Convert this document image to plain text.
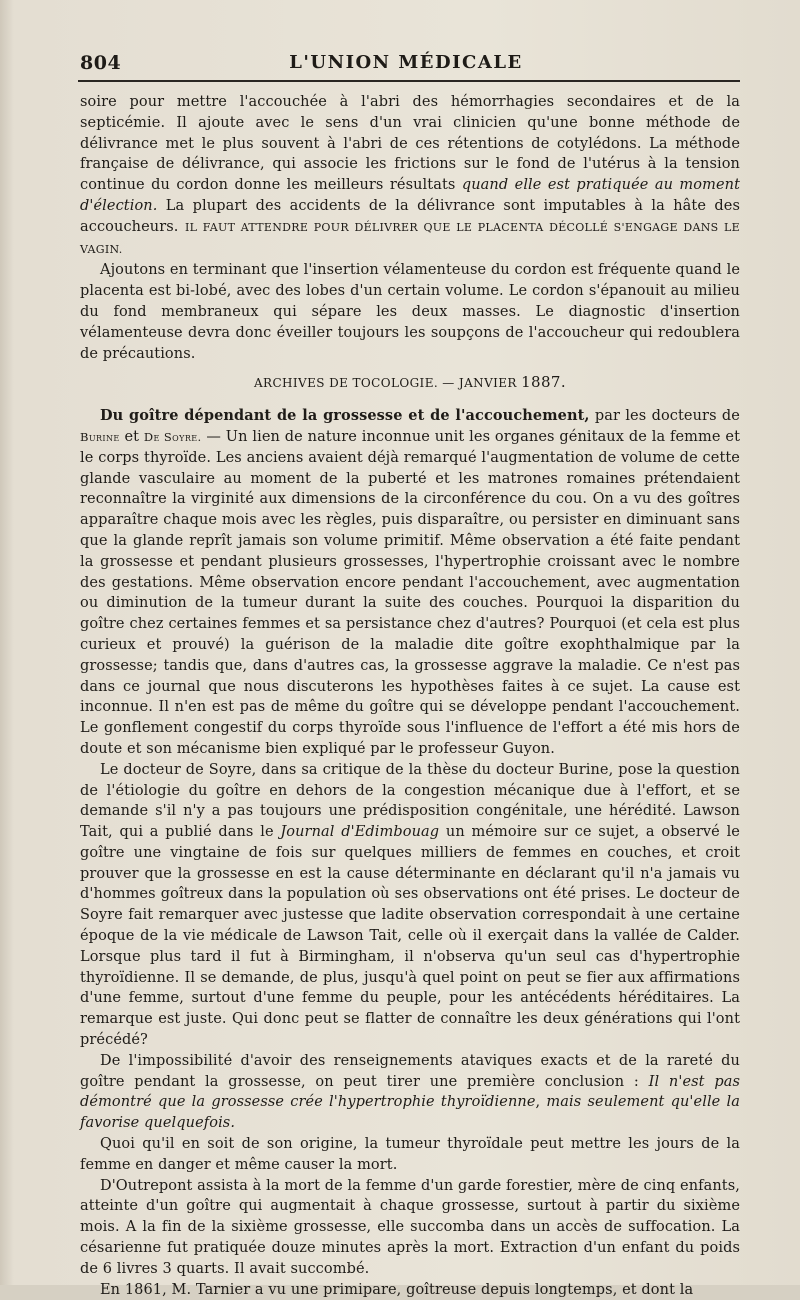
804	L'UNION MÉDICALE

soire pour mettre l'accouchée à l'abri des hémorrhagies secondaires et de la septicémie. Il ajoute avec le sens d'un vrai clinicien qu'une bonne méthode de délivrance met le plus souvent à l'abri de ces rétentions de cotylédons. La méthode française de délivrance, qui associe les frictions sur le fond de l'utérus à la tension continue du cordon donne les meilleurs résultats quand elle est pratiquée au moment d'élection. La plupart des accidents de la délivrance sont imputables à la hâte des accoucheurs. IL FAUT ATTENDRE POUR DÉLIVRER QUE LE PLACENTA DÉCOLLÉ S'ENGAGE DANS LE VAGIN.

Ajoutons en terminant que l'insertion vélamenteuse du cordon est fréquente quand le placenta est bi-lobé, avec des lobes d'un certain volume. Le cordon s'épanouit au milieu du fond membraneux qui sépare les deux masses. Le diagnostic d'insertion vélamenteuse devra donc éveiller toujours les soupçons de l'accoucheur qui redoublera de précautions.

ARCHIVES DE TOCOLOGIE. — JANVIER 1887.

Du goître dépendant de la grossesse et de l'accouchement, par les docteurs de Burine et De Soyre. — Un lien de nature inconnue unit les organes génitaux de la femme et le corps thyroïde. Les anciens avaient déjà remarqué l'augmentation de volume de cette glande vasculaire au moment de la puberté et les matrones romaines prétendaient reconnaître la virginité aux dimensions de la circonférence du cou. On a vu des goîtres apparaître chaque mois avec les règles, puis disparaître, ou persister en diminuant sans que la glande reprît jamais son volume primitif. Même observation a été faite pendant la grossesse et pendant plusieurs grossesses, l'hypertrophie croissant avec le nombre des gestations. Même observation encore pendant l'accouchement, avec augmentation ou diminution de la tumeur durant la suite des couches. Pourquoi la disparition du goître chez certaines femmes et sa persistance chez d'autres? Pourquoi (et cela est plus curieux et prouvé) la guérison de la maladie dite goître exophthalmique par la grossesse; tandis que, dans d'autres cas, la grossesse aggrave la maladie. Ce n'est pas dans ce journal que nous discuterons les hypothèses faites à ce sujet. La cause est inconnue. Il n'en est pas de même du goître qui se développe pendant l'accouchement. Le gonflement congestif du corps thyroïde sous l'influence de l'effort a été mis hors de doute et son mécanisme bien expliqué par le professeur Guyon.

Le docteur de Soyre, dans sa critique de la thèse du docteur Burine, pose la question de l'étiologie du goître en dehors de la congestion mécanique due à l'effort, et se demande s'il n'y a pas toujours une prédisposition congénitale, une hérédité. Lawson Tait, qui a publié dans le Journal d'Edimbouag un mémoire sur ce sujet, a observé le goître une vingtaine de fois sur quelques milliers de femmes en couches, et croit prouver que la grossesse en est la cause déterminante en déclarant qu'il n'a jamais vu d'hommes goîtreux dans la population où ses observations ont été prises. Le docteur de Soyre fait remarquer avec justesse que ladite observation correspondait à une certaine époque de la vie médicale de Lawson Tait, celle où il exerçait dans la vallée de Calder. Lorsque plus tard il fut à Birmingham, il n'observa qu'un seul cas d'hypertrophie thyroïdienne. Il se demande, de plus, jusqu'à quel point on peut se fier aux affirmations d'une femme, surtout d'une femme du peuple, pour les antécédents héréditaires. La remarque est juste. Qui donc peut se flatter de connaître les deux générations qui l'ont précédé?

De l'impossibilité d'avoir des renseignements ataviques exacts et de la rareté du goître pendant la grossesse, on peut tirer une première conclusion : Il n'est pas démontré que la grossesse crée l'hypertrophie thyroïdienne, mais seulement qu'elle la favorise quelquefois.

Quoi qu'il en soit de son origine, la tumeur thyroïdale peut mettre les jours de la femme en danger et même causer la mort.

D'Outrepont assista à la mort de la femme d'un garde forestier, mère de cinq enfants, atteinte d'un goître qui augmentait à chaque grossesse, surtout à partir du sixième mois. A la fin de la sixième grossesse, elle succomba dans un accès de suffocation. La césarienne fut pratiquée douze minutes après la mort. Extraction d'un enfant du poids de 6 livres 3 quarts. Il avait succombé.

En 1861, M. Tarnier a vu une primipare, goîtreuse depuis longtemps, et dont la
